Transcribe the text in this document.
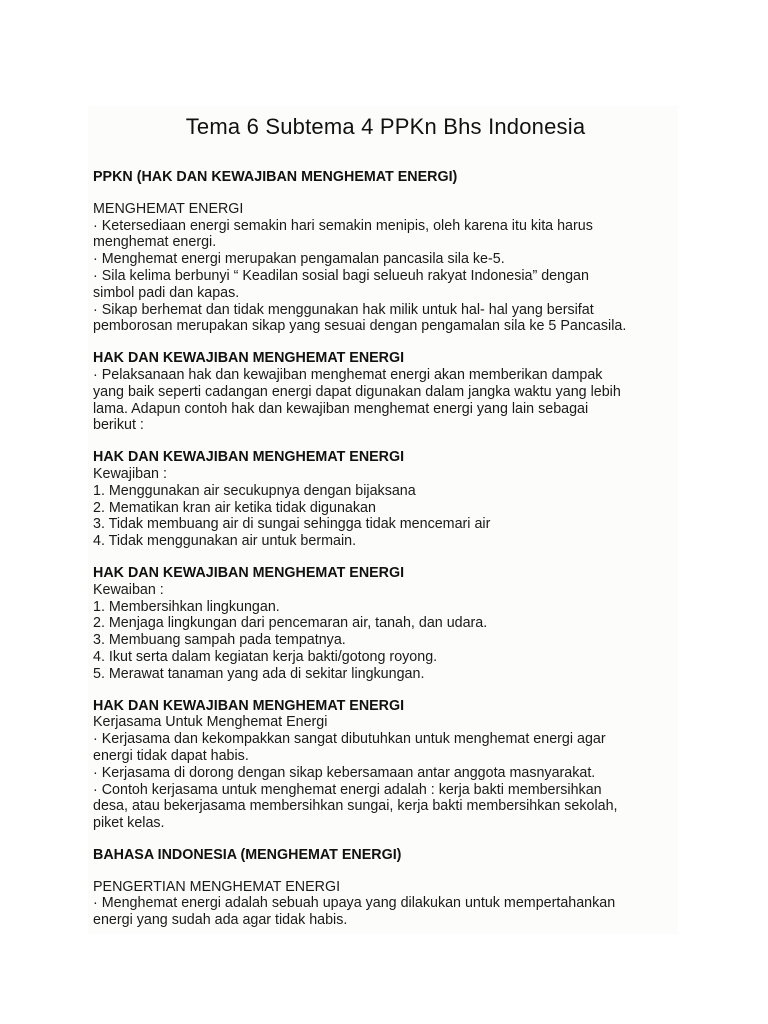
Tema 6 Subtema 4 PPKn Bhs Indonesia

PPKN (HAK DAN KEWAJIBAN MENGHEMAT ENERGI)

MENGHEMAT ENERGI

· Ketersediaan energi semakin hari semakin menipis, oleh karena itu kita harus

menghemat energi.

· Menghemat energi merupakan pengamalan pancasila sila ke-5.

· Sila kelima berbunyi “ Keadilan sosial bagi selueuh rakyat Indonesia” dengan

simbol padi dan kapas.

· Sikap berhemat dan tidak menggunakan hak milik untuk hal- hal yang bersifat

pemborosan merupakan sikap yang sesuai dengan pengamalan sila ke 5 Pancasila.

HAK DAN KEWAJIBAN MENGHEMAT ENERGI

· Pelaksanaan hak dan kewajiban menghemat energi akan memberikan dampak

yang baik seperti cadangan energi dapat digunakan dalam jangka waktu yang lebih

lama. Adapun contoh hak dan kewajiban menghemat energi yang lain sebagai

berikut :

HAK DAN KEWAJIBAN MENGHEMAT ENERGI

Kewajiban :

1. Menggunakan air secukupnya dengan bijaksana

2. Mematikan kran air ketika tidak digunakan

3. Tidak membuang air di sungai sehingga tidak mencemari air

4. Tidak menggunakan air untuk bermain.

HAK DAN KEWAJIBAN MENGHEMAT ENERGI

Kewaiban :

1. Membersihkan lingkungan.

2. Menjaga lingkungan dari pencemaran air, tanah, dan udara.

3. Membuang sampah pada tempatnya.

4. Ikut serta dalam kegiatan kerja bakti/gotong royong.

5. Merawat tanaman yang ada di sekitar lingkungan.

HAK DAN KEWAJIBAN MENGHEMAT ENERGI

Kerjasama Untuk Menghemat Energi

· Kerjasama dan kekompakkan sangat dibutuhkan untuk menghemat energi agar

energi tidak dapat habis.

· Kerjasama di dorong dengan sikap kebersamaan antar anggota masnyarakat.

· Contoh kerjasama untuk menghemat energi adalah : kerja bakti membersihkan

desa, atau bekerjasama membersihkan sungai, kerja bakti membersihkan sekolah,

piket kelas.

BAHASA INDONESIA (MENGHEMAT ENERGI)

PENGERTIAN MENGHEMAT ENERGI

· Menghemat energi adalah sebuah upaya yang dilakukan untuk mempertahankan

energi yang sudah ada agar tidak habis.
